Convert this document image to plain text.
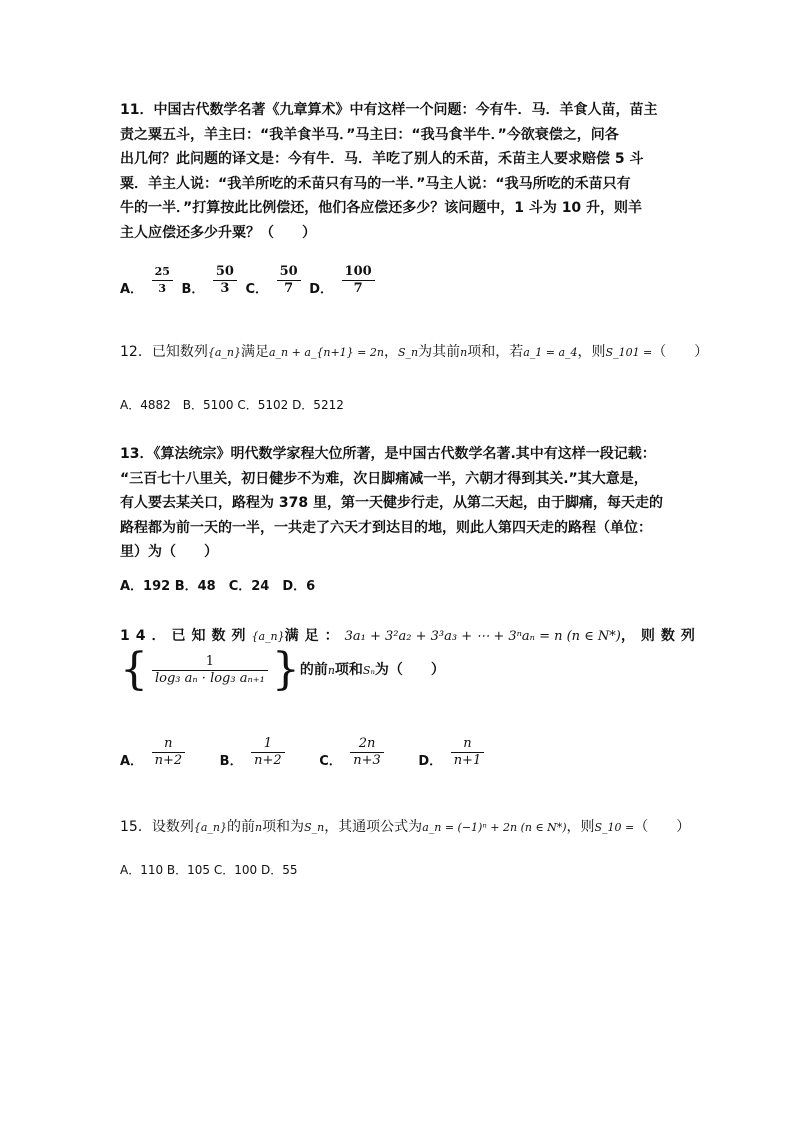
11．中国古代数学名著《九章算术》中有这样一个问题：今有牛．马．羊食人苗，苗主

责之粟五斗，羊主曰：“我羊食半马．”马主曰：“我马食半牛．”今欲衰偿之，问各

出几何？此问题的译文是：今有牛．马．羊吃了别人的禾苗，禾苗主人要求赔偿 5 斗

粟．羊主人说：“我羊所吃的禾苗只有马的一半．”马主人说：“我马所吃的禾苗只有

牛的一半．”打算按此比例偿还，他们各应偿还多少？该问题中，1 斗为 10 升，则羊

主人应偿还多少升粟？（　　）

A． $\frac{25}{3}$ B． $\frac{50}{3}$ C． $\frac{50}{7}$ D． $\frac{100}{7}$

12．已知数列{a_n}满足a_n + a_{n+1} = 2n，S_n为其前n项和，若a_1 = a_4，则S_101 =（　　）

A．4882　B．5100 C．5102 D．5212

13．《算法统宗》明代数学家程大位所著，是中国古代数学名著.其中有这样一段记载：

“三百七十八里关，初日健步不为难，次日脚痛减一半，六朝才得到其关.”其大意是，

有人要去某关口，路程为 378 里，第一天健步行走，从第二天起，由于脚痛，每天走的

路程都为前一天的一半，一共走了六天才到达目的地，则此人第四天走的路程（单位：

里）为（　　）

A．192 B．48　C．24　D．6

14．已知数列{a_n}满足：3a₁ + 3²a₂ + 3³a₃ + ⋯ + 3ⁿaₙ = n (n ∈ N*)，则数列

{ $\frac{1}{\text{log₃ aₙ · log₃ aₙ₊₁}}$ }的前n项和Sₙ为（　　）
A． $\frac{n}{n+2}$	B． $\frac{1}{n+2}$	C． $\frac{2n}{n+3}$	D． $\frac{n}{n+1}$

15．设数列{a_n}的前n项和为S_n，其通项公式为a_n = (−1)ⁿ + 2n (n ∈ N*)，则S_10 =（　　）

A．110 B．105 C．100 D．55
